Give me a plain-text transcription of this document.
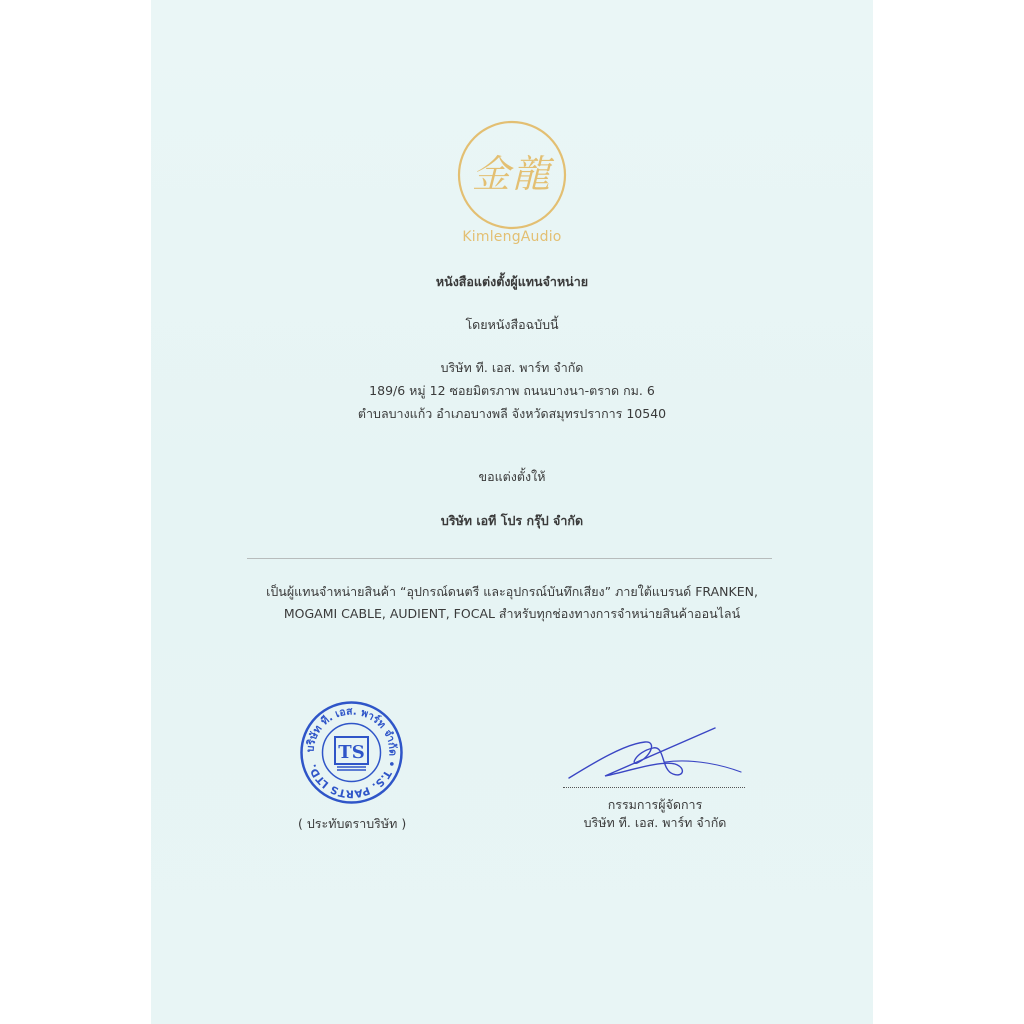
金龍
KimlengAudio
หนังสือแต่งตั้งผู้แทนจำหน่าย
โดยหนังสือฉบับนี้
บริษัท ที. เอส. พาร์ท จำกัด
189/6 หมู่ 12 ซอยมิตรภาพ ถนนบางนา-ตราด กม. 6
ตำบลบางแก้ว อำเภอบางพลี จังหวัดสมุทรปราการ 10540
ขอแต่งตั้งให้
บริษัท เอที โปร กรุ๊ป จำกัด
เป็นผู้แทนจำหน่ายสินค้า “อุปกรณ์ดนตรี และอุปกรณ์บันทึกเสียง” ภายใต้แบรนด์ FRANKEN,
MOGAMI CABLE, AUDIENT, FOCAL สำหรับทุกช่องทางการจำหน่ายสินค้าออนไลน์
บริษัท ที. เอส. พาร์ท จำกัด • T.S. PARTS LTD.
TS
( ประทับตราบริษัท )
กรรมการผู้จัดการ
บริษัท ที. เอส. พาร์ท จำกัด
